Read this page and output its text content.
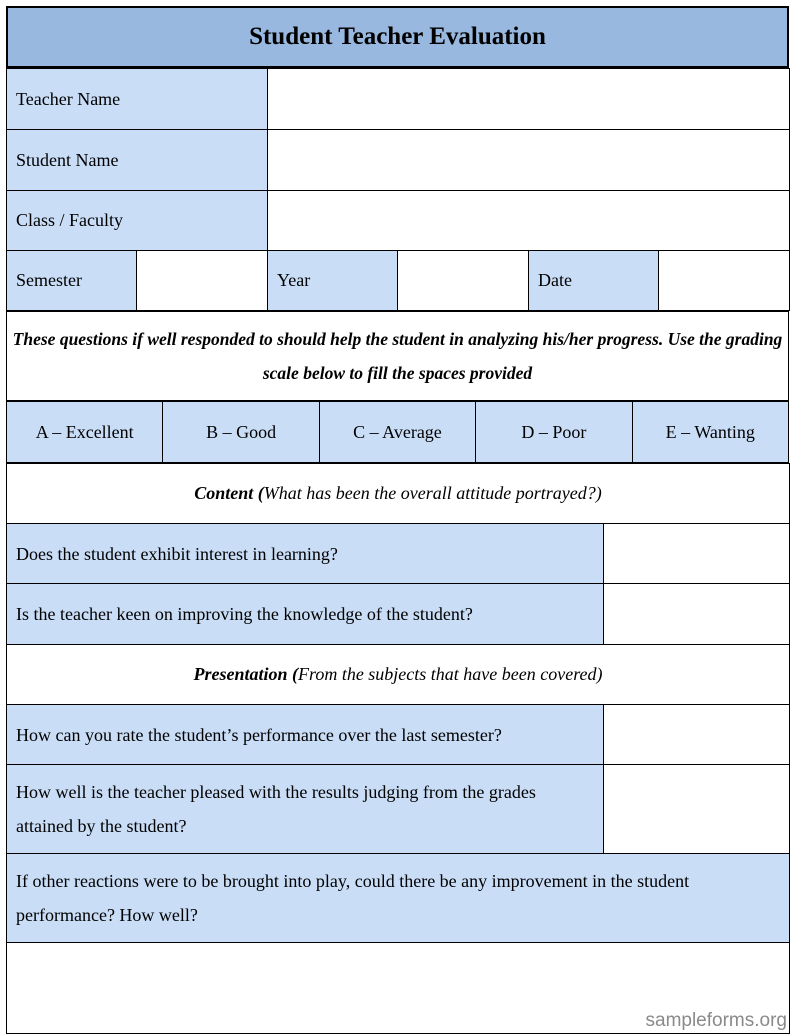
Student Teacher Evaluation
Teacher Name					
Student Name					
Class / Faculty					
Semester		Year		Date	
These questions if well responded to should help the student in analyzing his/her progress. Use the grading scale below to fill the spaces provided
A – Excellent	B – Good	C – Average	D – Poor	E – Wanting
Content (What has been the overall attitude portrayed?)	
Does the student exhibit interest in learning?	
Is the teacher keen on improving the knowledge of the student?	
Presentation (From the subjects that have been covered)	
How can you rate the student’s performance over the last semester?	
How well is the teacher pleased with the results judging from the grades attained by the student?	
If other reactions were to be brought into play, could there be any improvement in the student performance? How well?	

sampleforms.org
